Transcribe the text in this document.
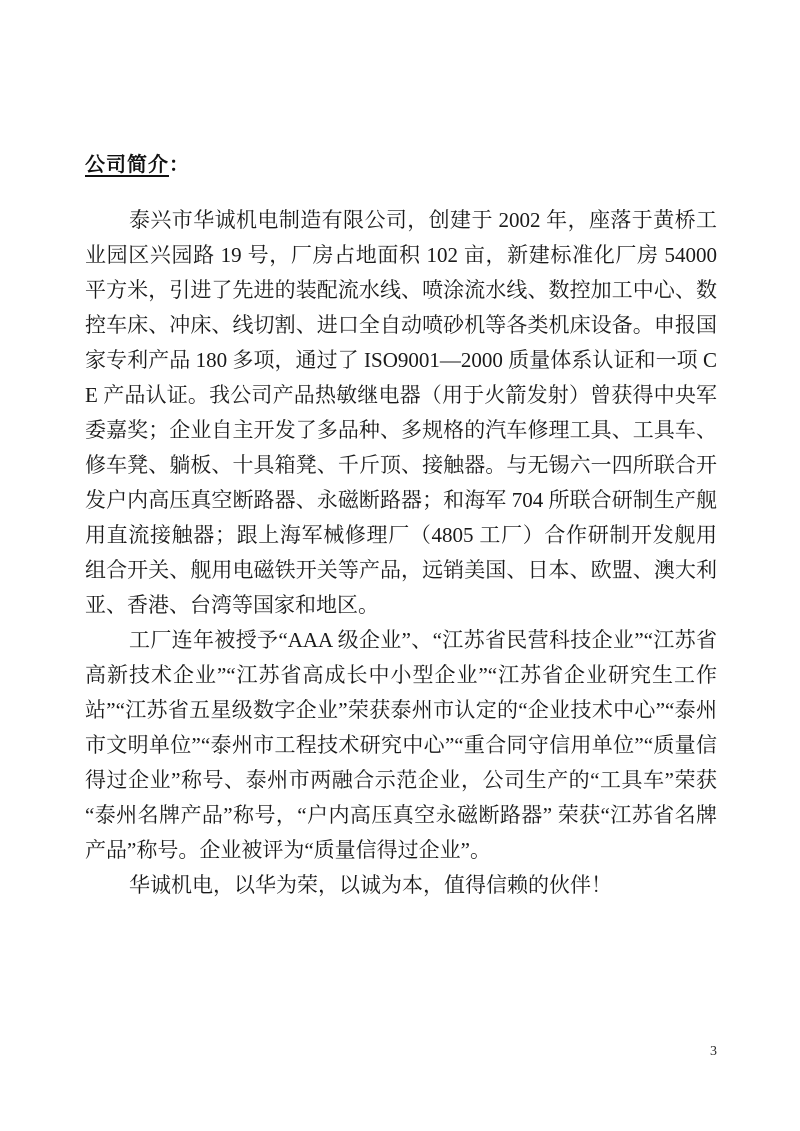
公司简介：

泰兴市华诚机电制造有限公司，创建于 2002 年，座落于黄桥工业园区兴园路 19 号，厂房占地面积 102 亩，新建标准化厂房 54000 平方米，引进了先进的装配流水线、喷涂流水线、数控加工中心、数控车床、冲床、线切割、进口全自动喷砂机等各类机床设备。申报国家专利产品 180 多项，通过了 ISO9001—2000 质量体系认证和一项 CE 产品认证。我公司产品热敏继电器（用于火箭发射）曾获得中央军委嘉奖；企业自主开发了多品种、多规格的汽车修理工具、工具车、修车凳、躺板、十具箱凳、千斤顶、接触器。与无锡六一四所联合开发户内高压真空断路器、永磁断路器；和海军 704 所联合研制生产舰用直流接触器；跟上海军械修理厂（4805 工厂）合作研制开发舰用组合开关、舰用电磁铁开关等产品，远销美国、日本、欧盟、澳大利亚、香港、台湾等国家和地区。

工厂连年被授予“AAA 级企业”、“江苏省民营科技企业”“江苏省高新技术企业”“江苏省高成长中小型企业”“江苏省企业研究生工作站”“江苏省五星级数字企业”荣获泰州市认定的“企业技术中心”“泰州市文明单位”“泰州市工程技术研究中心”“重合同守信用单位”“质量信得过企业”称号、泰州市两融合示范企业，公司生产的“工具车”荣获“泰州名牌产品”称号，“户内高压真空永磁断路器” 荣获“江苏省名牌产品”称号。企业被评为“质量信得过企业”。

华诚机电，以华为荣，以诚为本，值得信赖的伙伴！

3
